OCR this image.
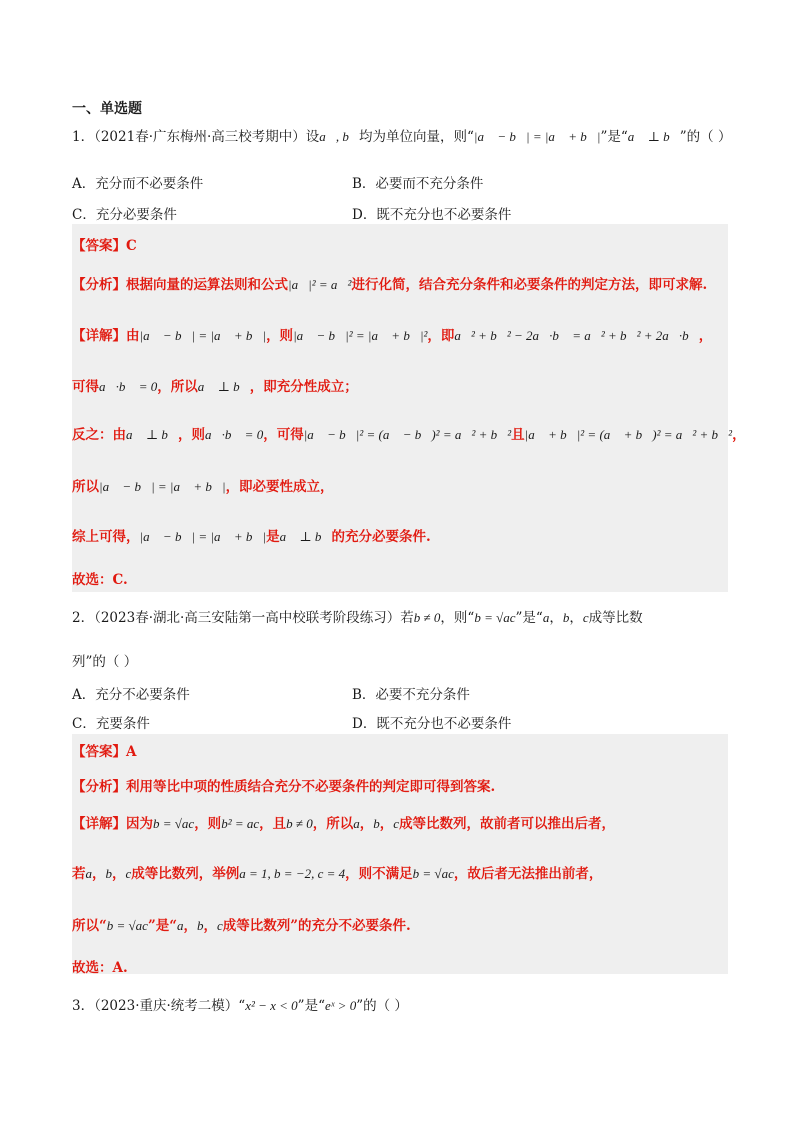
一、单选题
1．（2021春·广东梅州·高三校考期中）设a⃗, b⃗均为单位向量，则“|a⃗ − b⃗| = |a⃗ + b⃗|”是“a⃗ ⊥ b⃗”的（ ）
A．充分而不必要条件	B．必要而不充分条件
C．充分必要条件	D．既不充分也不必要条件
【答案】C
【分析】根据向量的运算法则和公式|a⃗|² = a⃗²进行化简，结合充分条件和必要条件的判定方法，即可求解.
【详解】由|a⃗ − b⃗| = |a⃗ + b⃗|，则|a⃗ − b⃗|² = |a⃗ + b⃗|²，即a⃗² + b⃗² − 2a⃗·b⃗ = a⃗² + b⃗² + 2a⃗·b⃗，
可得a⃗·b⃗ = 0，所以a⃗ ⊥ b⃗，即充分性成立；
反之：由a⃗ ⊥ b⃗，则a⃗·b⃗ = 0，可得|a⃗ − b⃗|² = (a⃗ − b⃗)² = a⃗² + b⃗²且|a⃗ + b⃗|² = (a⃗ + b⃗)² = a⃗² + b⃗²，
所以|a⃗ − b⃗| = |a⃗ + b⃗|，即必要性成立，
综上可得，|a⃗ − b⃗| = |a⃗ + b⃗|是a⃗ ⊥ b⃗的充分必要条件.
故选：C.
2．（2023春·湖北·高三安陆第一高中校联考阶段练习）若b ≠ 0，则“b = √ac”是“a，b，c成等比数
列”的（ ）
A．充分不必要条件	B．必要不充分条件
C．充要条件	D．既不充分也不必要条件
【答案】A
【分析】利用等比中项的性质结合充分不必要条件的判定即可得到答案.
【详解】因为b = √ac，则b² = ac，且b ≠ 0，所以a，b，c成等比数列，故前者可以推出后者，
若a，b，c成等比数列，举例a = 1, b = −2, c = 4，则不满足b = √ac，故后者无法推出前者，
所以“b = √ac”是“a，b，c成等比数列”的充分不必要条件.
故选：A.
3．（2023·重庆·统考二模）“x² − x < 0”是“eˣ > 0”的（ ）
